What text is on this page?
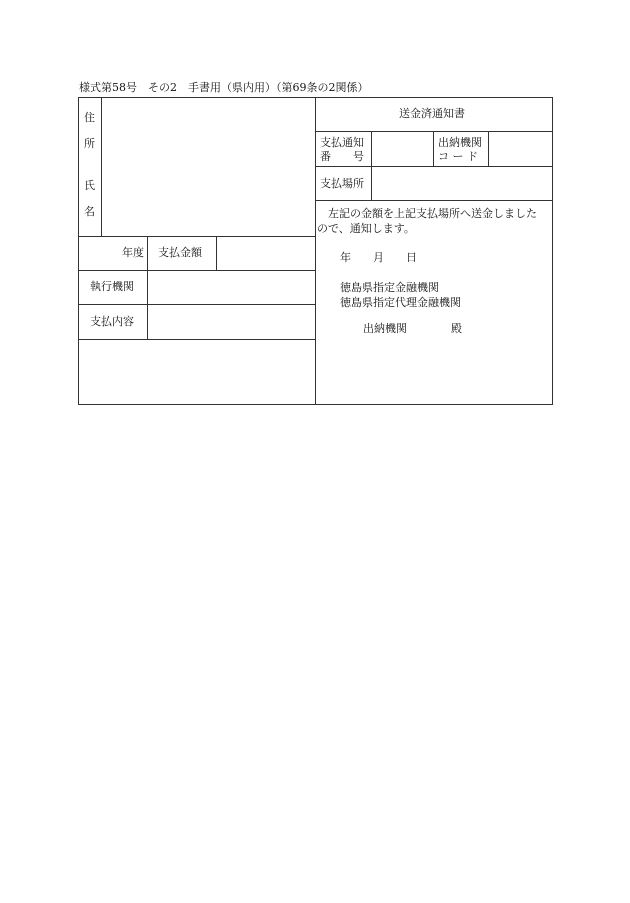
様式第58号　その2　手書用（県内用）（第69条の2関係）
住
所
氏
名
年度 支払金額
執行機関
支払内容
送金済通知書
支払通知
番　　号
出納機関
コ ー ド
支払場所
　左記の金額を上記支払場所へ送金しました
ので、通知します。
年　　月　　日
徳島県指定金融機関
徳島県指定代理金融機関
出納機関　　　　殿
